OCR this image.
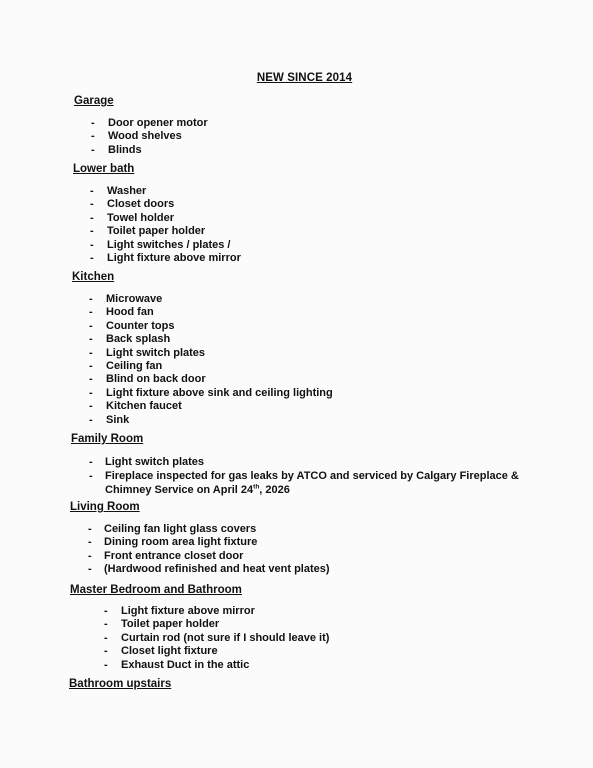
NEW SINCE 2014
Garage
- Door opener motor
- Wood shelves
- Blinds
Lower bath
- Washer
- Closet doors
- Towel holder
- Toilet paper holder
- Light switches / plates /
- Light fixture above mirror
Kitchen
- Microwave
- Hood fan
- Counter tops
- Back splash
- Light switch plates
- Ceiling fan
- Blind on back door
- Light fixture above sink and ceiling lighting
- Kitchen faucet
- Sink
Family Room
- Light switch plates
- Fireplace inspected for gas leaks by ATCO and serviced by Calgary Fireplace &
Chimney Service on April 24th, 2026
Living Room
- Ceiling fan light glass covers
- Dining room area light fixture
- Front entrance closet door
- (Hardwood refinished and heat vent plates)
Master Bedroom and Bathroom
- Light fixture above mirror
- Toilet paper holder
- Curtain rod (not sure if I should leave it)
- Closet light fixture
- Exhaust Duct in the attic
Bathroom upstairs
